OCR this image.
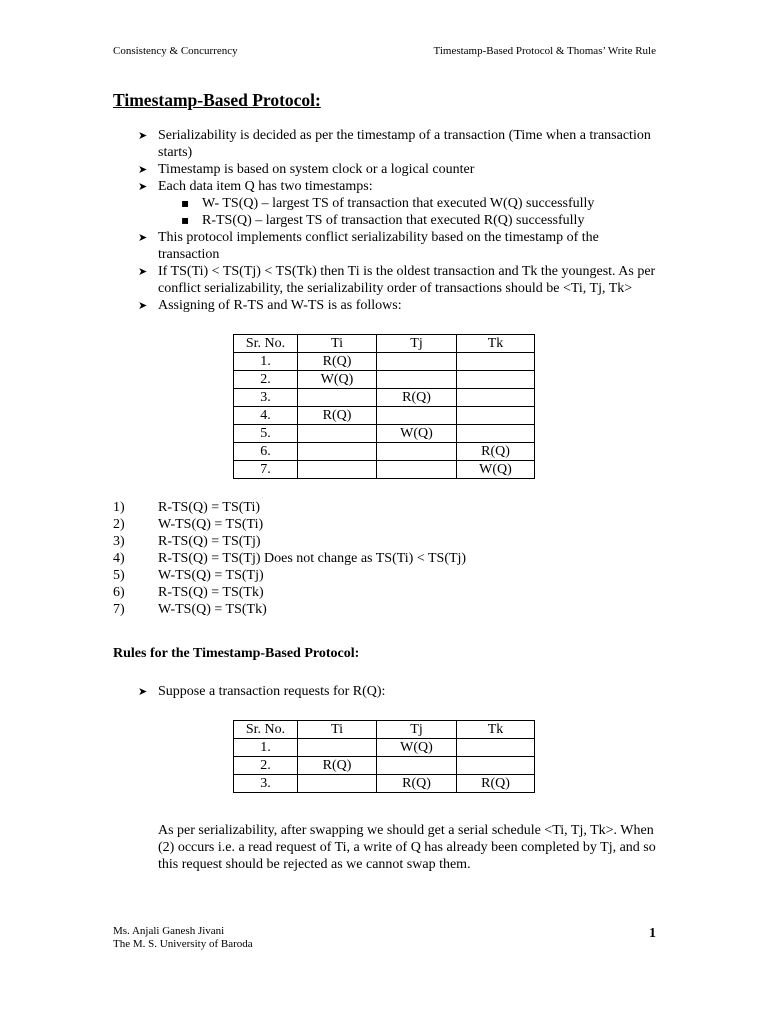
Consistency & Concurrency	Timestamp-Based Protocol & Thomas’ Write Rule
Timestamp-Based Protocol:
➤ Serializability is decided as per the timestamp of a transaction (Time when a transaction starts)
➤ Timestamp is based on system clock or a logical counter
➤ Each data item Q has two timestamps:
▪ W- TS(Q) – largest TS of transaction that executed W(Q) successfully
▪ R-TS(Q) – largest TS of transaction that executed R(Q) successfully
➤ This protocol implements conflict serializability based on the timestamp of the transaction
➤ If TS(Ti) < TS(Tj) < TS(Tk) then Ti is the oldest transaction and Tk the youngest. As per conflict serializability, the serializability order of transactions should be <Ti, Tj, Tk>
➤ Assigning of R-TS and W-TS is as follows:
Sr. No.	Ti	Tj	Tk
1.	R(Q)		
2.	W(Q)		
3.		R(Q)	
4.	R(Q)		
5.		W(Q)	
6.			R(Q)
7.			W(Q)
1)	R-TS(Q) = TS(Ti)
2)	W-TS(Q) = TS(Ti)
3)	R-TS(Q) = TS(Tj)
4)	R-TS(Q) = TS(Tj) Does not change as TS(Ti) < TS(Tj)
5)	W-TS(Q) = TS(Tj)
6)	R-TS(Q) = TS(Tk)
7)	W-TS(Q) = TS(Tk)

Rules for the Timestamp-Based Protocol:

➤ Suppose a transaction requests for R(Q):
Sr. No.	Ti	Tj	Tk
1.		W(Q)	
2.	R(Q)		
3.		R(Q)	R(Q)

As per serializability, after swapping we should get a serial schedule <Ti, Tj, Tk>. When (2) occurs i.e. a read request of Ti, a write of Q has already been completed by Tj, and so this request should be rejected as we cannot swap them.

Ms. Anjali Ganesh Jivani
The M. S. University of Baroda
1
